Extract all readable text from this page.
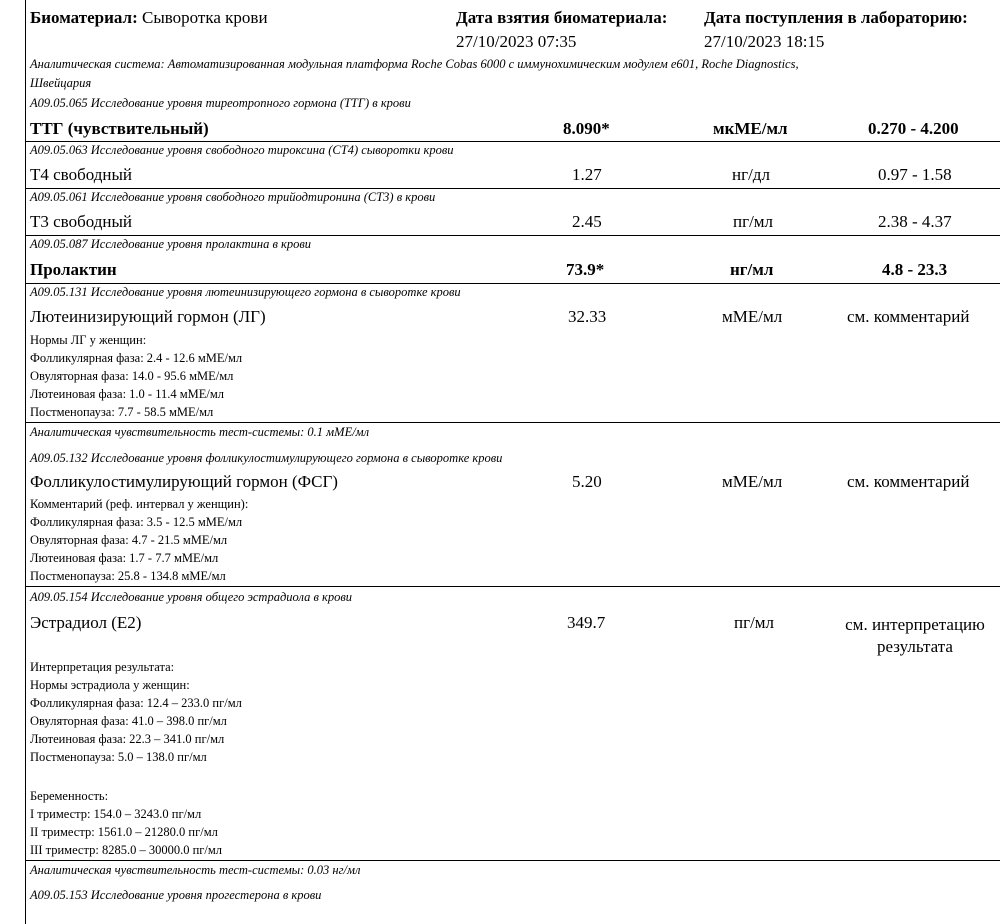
Биоматериал: Сыворотка крови	Дата взятия биоматериала:
27/10/2023 07:35
Дата поступления в лабораторию:
27/10/2023 18:15
Аналитическая система: Автоматизированная модульная платформа Roche Cobas 6000 с иммунохимическим модулем e601, Roche Diagnostics,
Швейцария
A09.05.065 Исследование уровня тиреотропного гормона (ТТГ) в крови
ТТГ (чувствительный)	8.090*	мкМЕ/мл	0.270 - 4.200
A09.05.063 Исследование уровня свободного тироксина (СТ4) сыворотки крови
Т4 свободный	1.27	нг/дл	0.97 - 1.58
A09.05.061 Исследование уровня свободного трийодтиронина (СТ3) в крови
Т3 свободный	2.45	пг/мл	2.38 - 4.37
A09.05.087 Исследование уровня пролактина в крови
Пролактин	73.9*	нг/мл	4.8 - 23.3
A09.05.131 Исследование уровня лютеинизирующего гормона в сыворотке крови
Лютеинизирующий гормон (ЛГ)	32.33	мМЕ/мл	см. комментарий
Нормы ЛГ у женщин:
Фолликулярная фаза: 2.4 - 12.6 мМЕ/мл
Овуляторная фаза: 14.0 - 95.6 мМЕ/мл
Лютеиновая фаза: 1.0 - 11.4 мМЕ/мл
Постменопауза: 7.7 - 58.5 мМЕ/мл
Аналитическая чувствительность тест-системы: 0.1 мМЕ/мл
A09.05.132 Исследование уровня фолликулостимулирующего гормона в сыворотке крови
Фолликулостимулирующий гормон (ФСГ)	5.20	мМЕ/мл	см. комментарий
Комментарий (реф. интервал у женщин):
Фолликулярная фаза: 3.5 - 12.5 мМЕ/мл
Овуляторная фаза: 4.7 - 21.5 мМЕ/мл
Лютеиновая фаза: 1.7 - 7.7 мМЕ/мл
Постменопауза: 25.8 - 134.8 мМЕ/мл
A09.05.154 Исследование уровня общего эстрадиола в крови
Эстрадиол (E2)	349.7	пг/мл	см. интерпретацию
результата
Интерпретация результата:
Нормы эстрадиола у женщин:
Фолликулярная фаза: 12.4 – 233.0 пг/мл
Овуляторная фаза: 41.0 – 398.0 пг/мл
Лютеиновая фаза: 22.3 – 341.0 пг/мл
Постменопауза: 5.0 – 138.0 пг/мл
Беременность:
I триместр: 154.0 – 3243.0 пг/мл
II триместр: 1561.0 – 21280.0 пг/мл
III триместр: 8285.0 – 30000.0 пг/мл
Аналитическая чувствительность тест-системы: 0.03 нг/мл
A09.05.153 Исследование уровня прогестерона в крови
